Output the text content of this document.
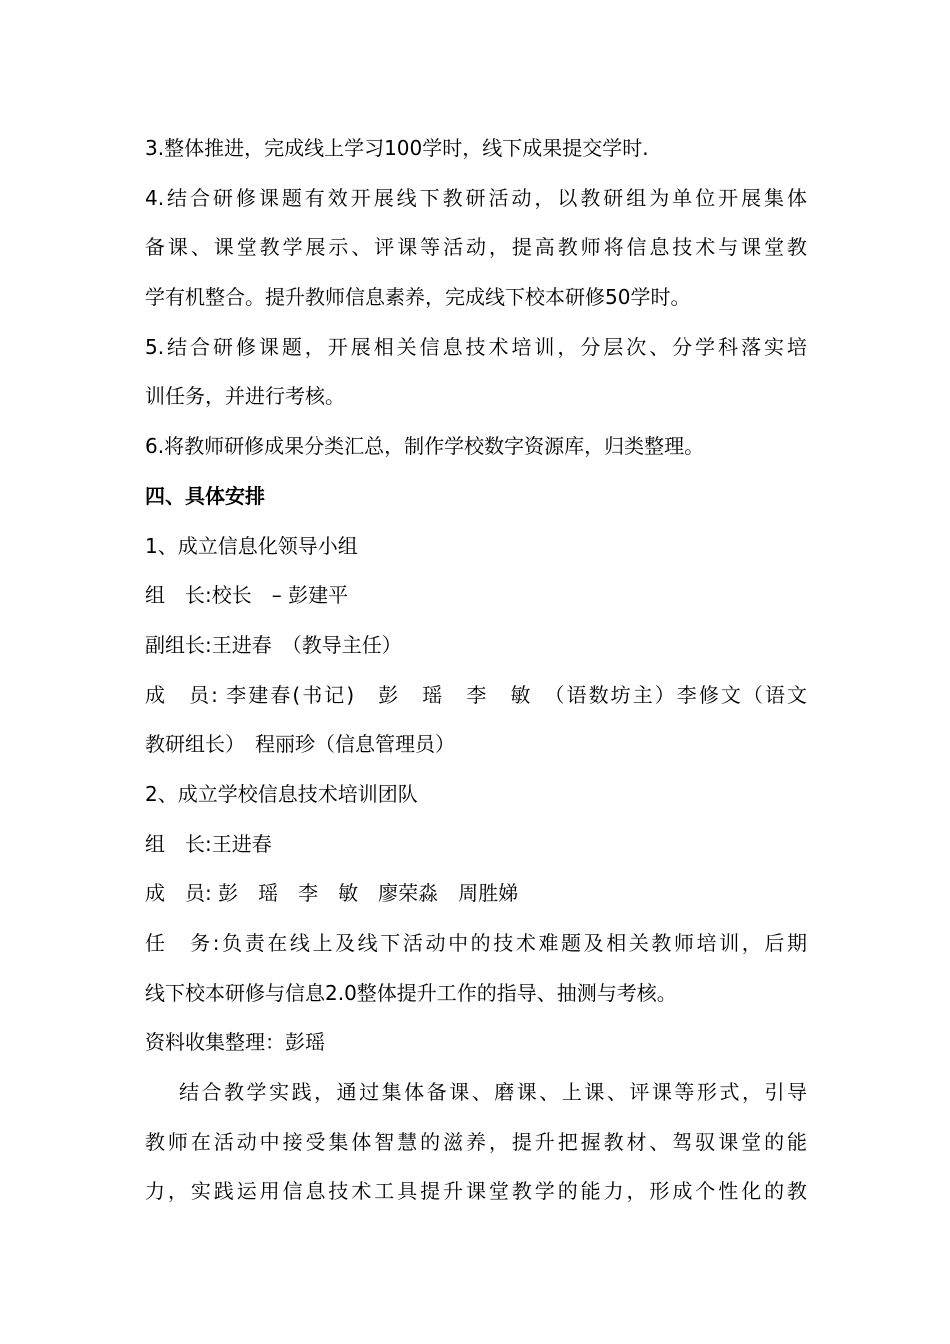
3.整体推进，完成线上学习100学时，线下成果提交学时.
4.结合研修课题有效开展线下教研活动，以教研组为单位开展集体
备课、课堂教学展示、评课等活动，提高教师将信息技术与课堂教
学有机整合。提升教师信息素养，完成线下校本研修50学时。
5.结合研修课题，开展相关信息技术培训，分层次、分学科落实培
训任务，并进行考核。
6.将教师研修成果分类汇总，制作学校数字资源库，归类整理。
四、具体安排
1、成立信息化领导小组
组　长:校长　– 彭建平
副组长:王进春　（教导主任）
成　员: 李建春(书记)　彭　瑶　李　敏　（语数坊主）李修文（语文
教研组长）　程丽珍（信息管理员）
2、成立学校信息技术培训团队
组　长:王进春
成　员: 彭　瑶　李　敏　廖荣淼　周胜娣
任　务:负责在线上及线下活动中的技术难题及相关教师培训，后期
线下校本研修与信息2.0整体提升工作的指导、抽测与考核。
资料收集整理：彭瑶
结合教学实践，通过集体备课、磨课、上课、评课等形式，引导
教师在活动中接受集体智慧的滋养，提升把握教材、驾驭课堂的能
力，实践运用信息技术工具提升课堂教学的能力，形成个性化的教
